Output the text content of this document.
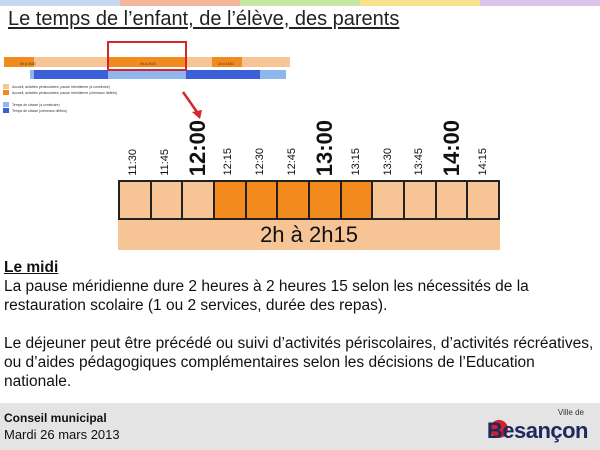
Le temps de l’enfant, de l’élève, des parents
Accueil, activités périscolaires, pause méridienne (à construire)
Accueil, activités périscolaires, pause méridienne (créneaux définis)
Temps de classe (à construire)
Temps de classe (créneaux définis)
3h à 3h30	2h à 2h15	1h à 1h30
11:30 11:45 12:00 12:15 12:30 12:45 13:00 13:15 13:30 13:45 14:00 14:15
2h à 2h15
Le midi

La pause méridienne dure 2 heures à 2 heures 15 selon les nécessités de la restauration scolaire (1 ou 2 services, durée des repas).

Le déjeuner peut être précédé ou suivi d’activités périscolaires, d’activités récréatives, ou d’aides pédagogiques complémentaires selon les décisions de l’Education nationale.

Conseil municipal
Mardi 26 mars 2013
Ville de
Besançon
